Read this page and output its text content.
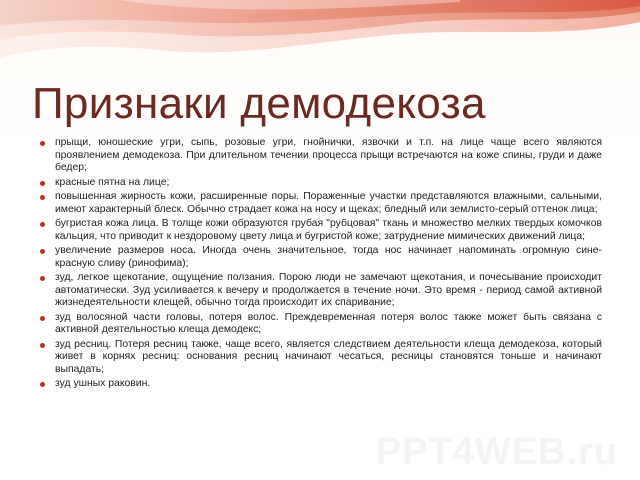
Признаки демодекоза
прыщи, юношеские угри, сыпь, розовые угри, гнойнички, язвочки и т.п. на лице чаще всего являются проявлением демодекоза. При длительном течении процесса прыщи встречаются на коже спины, груди и даже бедер;
красные пятна на лице;
повышенная жирность кожи, расширенные поры. Пораженные участки представляются влажными, сальными, имеют характерный блеск. Обычно страдает кожа на носу и щеках; бледный или землисто-серый оттенок лица;
бугристая кожа лица. В толще кожи образуются грубая "рубцовая" ткань и множество мелких твердых комочков кальция, что приводит к нездоровому цвету лица и бугристой коже; затруднение мимических движений лица;
увеличение размеров носа. Иногда очень значительное, тогда нос начинает напоминать огромную сине-красную сливу (ринофима);
зуд, легкое щекотание, ощущение ползания. Порою люди не замечают щекотания, и почесывание происходит автоматически. Зуд усиливается к вечеру и продолжается в течение ночи. Это время - период самой активной жизнедеятельности клещей, обычно тогда происходит их спаривание;
зуд волосяной части головы, потеря волос. Преждевременная потеря волос также может быть связана с активной деятельностью клеща демодекс;
зуд ресниц. Потеря ресниц также, чаще всего, является следствием деятельности клеща демодекоза, который живет в корнях ресниц: основания ресниц начинают чесаться, ресницы становятся тоньше и начинают выпадать;
зуд ушных раковин.
PPT4WEB.ru
